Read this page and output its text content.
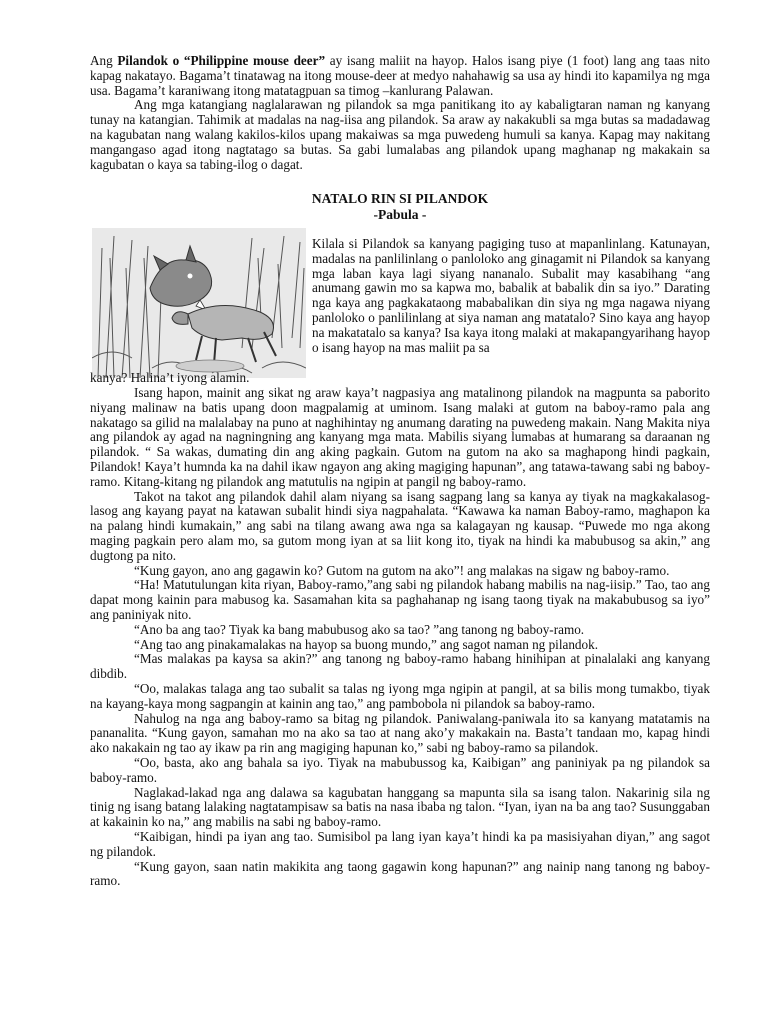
Ang Pilandok o “Philippine mouse deer” ay isang maliit na hayop. Halos isang piye (1 foot) lang ang taas nito kapag nakatayo. Bagama’t tinatawag na itong mouse-deer at medyo nahahawig sa usa ay hindi ito kapamilya ng mga usa. Bagama’t karaniwang itong matatagpuan sa timog –kanlurang Palawan.

Ang mga katangiang naglalarawan ng pilandok sa mga panitikang ito ay kabaligtaran naman ng kanyang tunay na katangian. Tahimik at madalas na nag-iisa ang pilandok. Sa araw ay nakakubli sa mga butas sa madadawag na kagubatan nang walang kakilos-kilos upang makaiwas sa mga puwedeng humuli sa kanya. Kapag may nakitang mangangaso agad itong nagtatago sa butas. Sa gabi lumalabas ang pilandok upang maghanap ng makakain sa kagubatan o kaya sa tabing-ilog o dagat.

NATALO RIN SI PILANDOK
-Pabula -
Kilala si Pilandok sa kanyang pagiging tuso at mapanlinlang. Katunayan, madalas na panlilinlang o panloloko ang ginagamit ni Pilandok sa kanyang mga laban kaya lagi siyang nananalo. Subalit may kasabihang “ang anumang gawin mo sa kapwa mo, babalik at babalik din sa iyo.” Darating nga kaya ang pagkakataong mababalikan din siya ng mga nagawa niyang panloloko o panlilinlang at siya naman ang matatalo? Sino kaya ang hayop na makatatalo sa kanya? Isa kaya itong malaki at makapangyarihang hayop o isang hayop na mas maliit pa sa
kanya? Halina’t iyong alamin.

Isang hapon, mainit ang sikat ng araw kaya’t nagpasiya ang matalinong pilandok na magpunta sa paborito niyang malinaw na batis upang doon magpalamig at uminom. Isang malaki at gutom na baboy-ramo pala ang nakatago sa gilid na malalabay na puno at naghihintay ng anumang darating na puwedeng makain. Nang Makita niya ang pilandok ay agad na nagningning ang kanyang mga mata. Mabilis siyang lumabas at humarang sa daraanan ng pilandok. “ Sa wakas, dumating din ang aking pagkain. Gutom na gutom na ako sa maghapong hindi pagkain, Pilandok! Kaya’t humnda ka na dahil ikaw ngayon ang aking magiging hapunan”, ang tatawa-tawang sabi ng baboy-ramo. Kitang-kitang ng pilandok ang matutulis na ngipin at pangil ng baboy-ramo.

Takot na takot ang pilandok dahil alam niyang sa isang sagpang lang sa kanya ay tiyak na magkakalasog-lasog ang kayang payat na katawan subalit hindi siya nagpahalata. “Kawawa ka naman Baboy-ramo, maghapon ka na palang hindi kumakain,” ang sabi na tilang awang awa nga sa kalagayan ng kausap. “Puwede mo nga akong maging pagkain pero alam mo, sa gutom mong iyan at sa liit kong ito, tiyak na hindi ka mabubusog sa akin,” ang dugtong pa nito.

“Kung gayon, ano ang gagawin ko? Gutom na gutom na ako”! ang malakas na sigaw ng baboy-ramo.

“Ha! Matutulungan kita riyan, Baboy-ramo,”ang sabi ng pilandok habang mabilis na nag-iisip.” Tao, tao ang dapat mong kainin para mabusog ka. Sasamahan kita sa paghahanap ng isang taong tiyak na makabubusog sa iyo” ang paniniyak nito.

“Ano ba ang tao? Tiyak ka bang mabubusog ako sa tao? ”ang tanong ng baboy-ramo.

“Ang tao ang pinakamalakas na hayop sa buong mundo,” ang sagot naman ng pilandok.

“Mas malakas pa kaysa sa akin?” ang tanong ng baboy-ramo habang hinihipan at pinalalaki ang kanyang dibdib.

“Oo, malakas talaga ang tao subalit sa talas ng iyong mga ngipin at pangil, at sa bilis mong tumakbo, tiyak na kayang-kaya mong sagpangin at kainin ang tao,” ang pambobola ni pilandok sa baboy-ramo.

Nahulog na nga ang baboy-ramo sa bitag ng pilandok. Paniwalang-paniwala ito sa kanyang matatamis na pananalita. “Kung gayon, samahan mo na ako sa tao at nang ako’y makakain na. Basta’t tandaan mo, kapag hindi ako nakakain ng tao ay ikaw pa rin ang magiging hapunan ko,” sabi ng baboy-ramo sa pilandok.

“Oo, basta, ako ang bahala sa iyo. Tiyak na mabubussog ka, Kaibigan” ang paniniyak pa ng pilandok sa baboy-ramo.

Naglakad-lakad nga ang dalawa sa kagubatan hanggang sa mapunta sila sa isang talon. Nakarinig sila ng tinig ng isang batang lalaking nagtatampisaw sa batis na nasa ibaba ng talon. “Iyan, iyan na ba ang tao? Susunggaban at kakainin ko na,” ang mabilis na sabi ng baboy-ramo.

“Kaibigan, hindi pa iyan ang tao. Sumisibol pa lang iyan kaya’t hindi ka pa masisiyahan diyan,” ang sagot ng pilandok.

“Kung gayon, saan natin makikita ang taong gagawin kong hapunan?” ang nainip nang tanong ng baboy-ramo.
